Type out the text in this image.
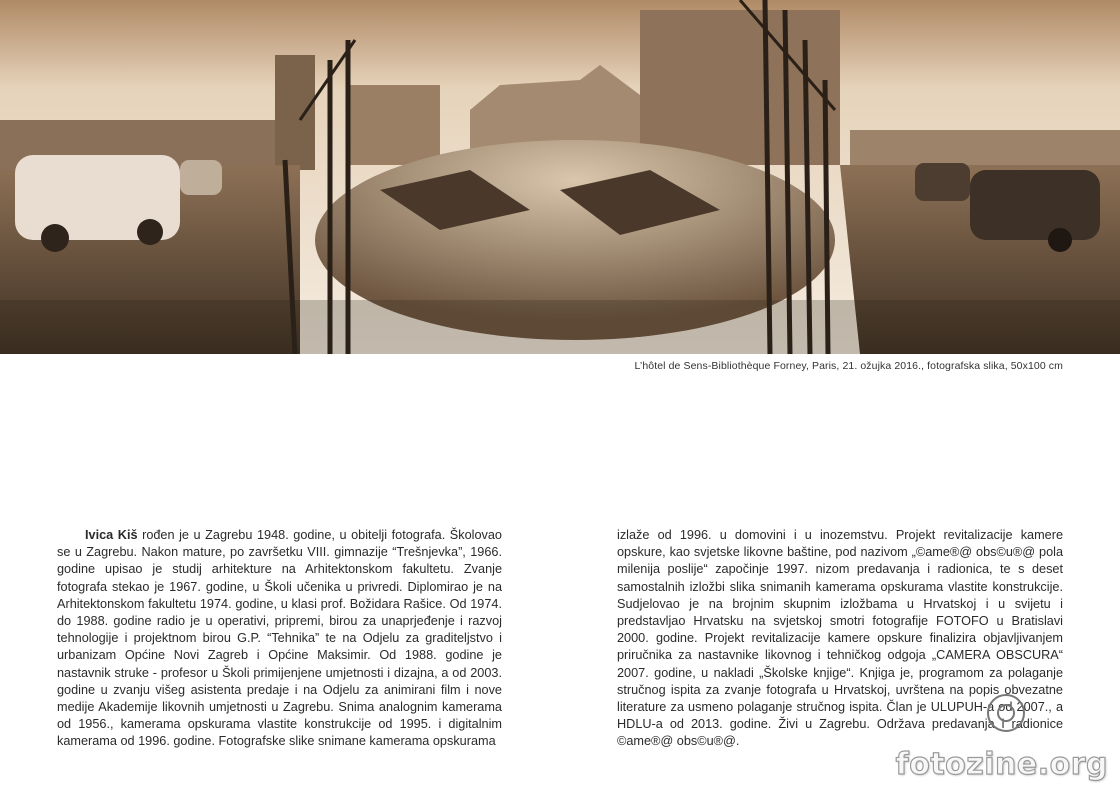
L’hôtel de Sens-Bibliothèque Forney, Paris, 21. ožujka 2016., fotografska slika, 50x100 cm

Ivica Kiš rođen je u Zagrebu 1948. godine, u obitelji fotografa. Školovao se u Zagrebu. Nakon mature, po završetku VIII. gimnazije “Trešnjevka”, 1966. godine upisao je studij arhitekture na Arhitektonskom fakultetu. Zvanje fotografa stekao je 1967. godine, u Školi učenika u privredi. Diplomirao je na Arhitektonskom fakultetu 1974. godine, u klasi prof. Božidara Rašice. Od 1974. do 1988. godine radio je u operativi, pripremi, birou za unaprjeđenje i razvoj tehnologije i projektnom birou G.P. “Tehnika” te na Odjelu za graditeljstvo i urbanizam Općine Novi Zagreb i Općine Maksimir. Od 1988. godine je nastavnik struke - profesor u Školi primijenjene umjetnosti i dizajna, a od 2003. godine u zvanju višeg asistenta predaje i na Odjelu za animirani film i nove medije Akademije likovnih umjetnosti u Zagrebu. Snima analognim kamerama od 1956., kamerama opskurama vlastite konstrukcije od 1995. i digitalnim kamerama od 1996. godine. Fotografske slike snimane kamerama opskurama

izlaže od 1996. u domovini i u inozemstvu. Projekt revitalizacije kamere opskure, kao svjetske likovne baštine, pod nazivom „©ame®@ obs©u®@ pola milenija poslije“ započinje 1997. nizom predavanja i radionica, te s deset samostalnih izložbi slika snimanih kamerama opskurama vlastite konstrukcije. Sudjelovao je na brojnim skupnim izložbama u Hrvatskoj i u svijetu i predstavljao Hrvatsku na svjetskoj smotri fotografije FOTOFO u Bratislavi 2000. godine. Projekt revitalizacije kamere opskure finalizira objavljivanjem priručnika za nastavnike likovnog i tehničkog odgoja „CAMERA OBSCURA“ 2007. godine, u nakladi „Školske knjige“. Knjiga je, programom za polaganje stručnog ispita za zvanje fotografa u Hrvatskoj, uvrštena na popis obvezatne literature za usmeno polaganje stručnog ispita. Član je ULUPUH-a od 2007., a HDLU-a od 2013. godine. Živi u Zagrebu. Održava predavanja i radionice ©ame®@ obs©u®@.

fotozine.org
